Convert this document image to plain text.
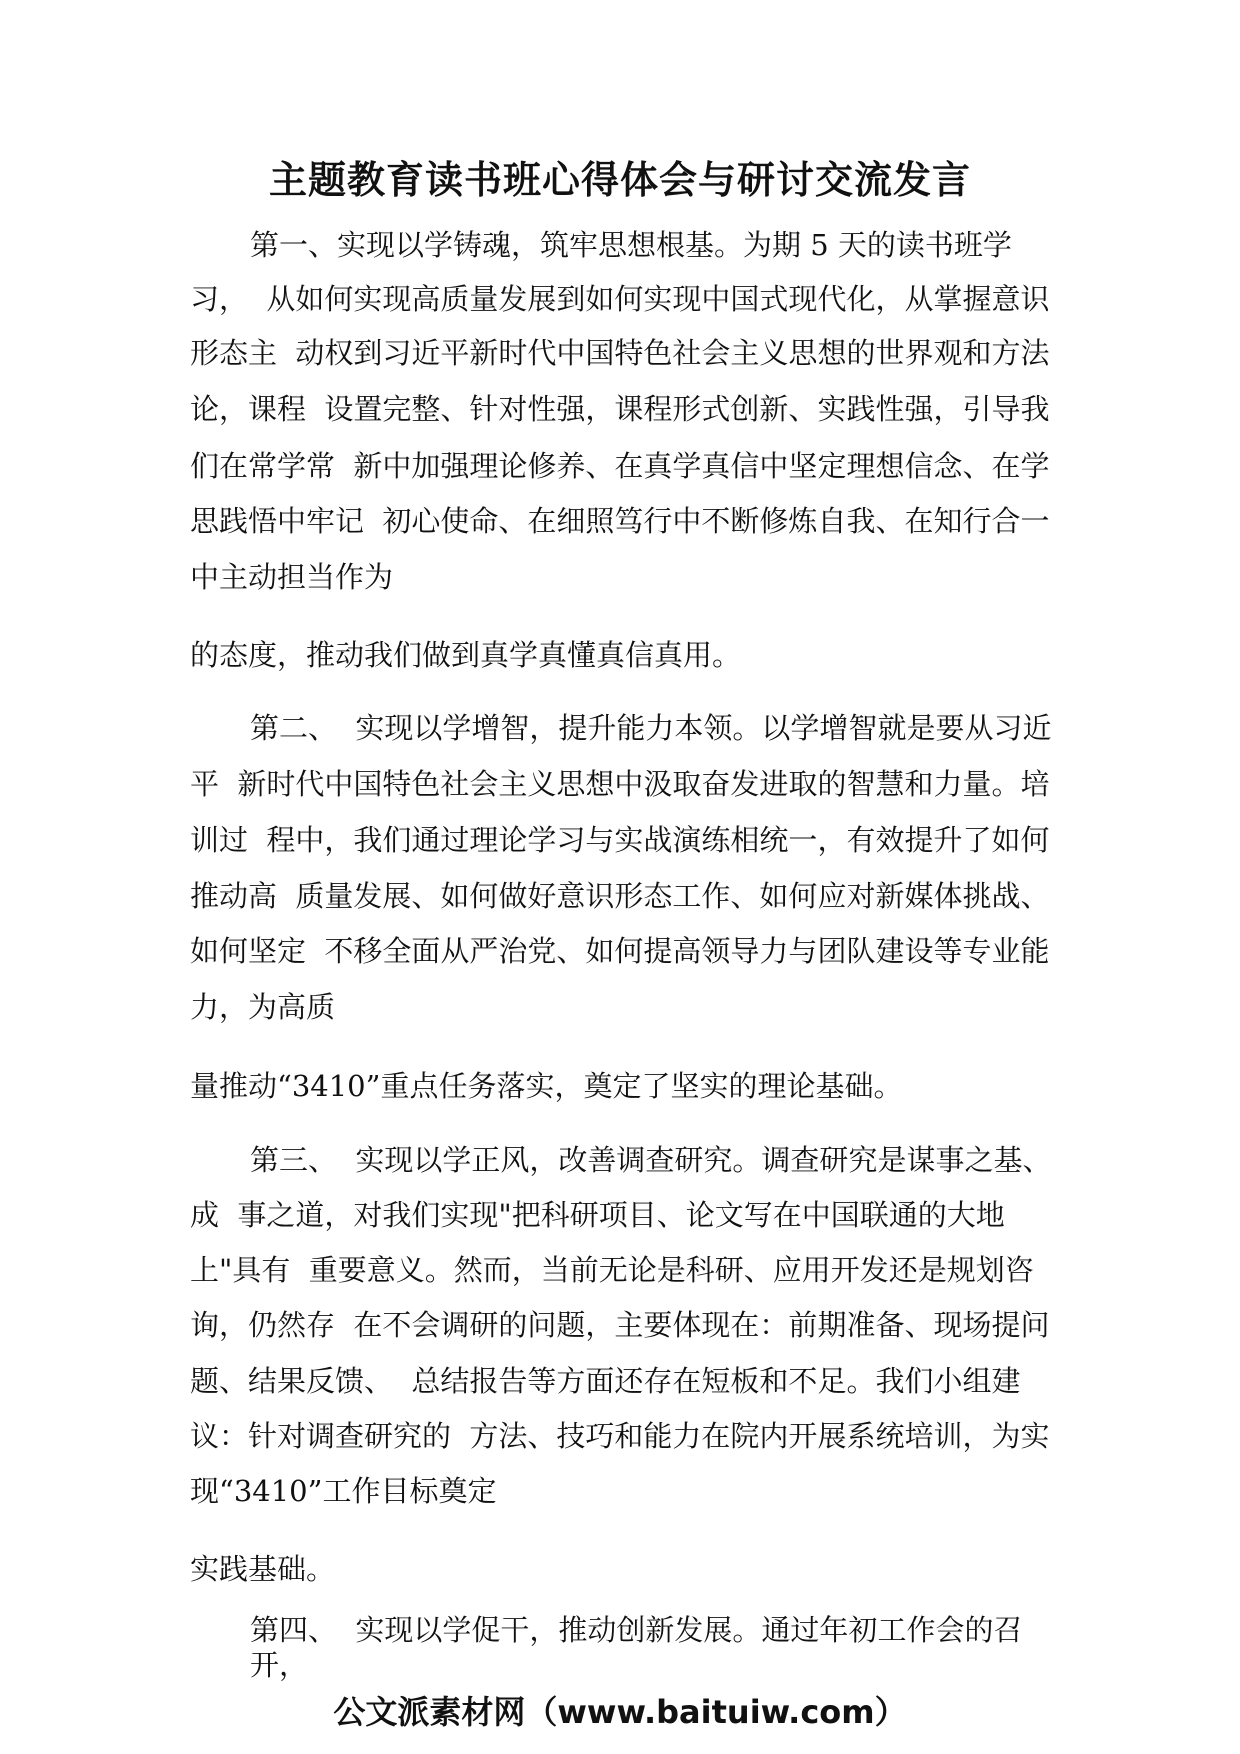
主题教育读书班心得体会与研讨交流发言
第一、实现以学铸魂，筑牢思想根基。为期 5 天的读书班学
习，  从如何实现高质量发展到如何实现中国式现代化，从掌握意识
形态主  动权到习近平新时代中国特色社会主义思想的世界观和方法
论，课程  设置完整、针对性强，课程形式创新、实践性强，引导我
们在常学常  新中加强理论修养、在真学真信中坚定理想信念、在学
思践悟中牢记  初心使命、在细照笃行中不断修炼自我、在知行合一
中主动担当作为
的态度，推动我们做到真学真懂真信真用。
第二、  实现以学增智，提升能力本领。以学增智就是要从习近
平  新时代中国特色社会主义思想中汲取奋发进取的智慧和力量。培
训过  程中，我们通过理论学习与实战演练相统一，有效提升了如何
推动高  质量发展、如何做好意识形态工作、如何应对新媒体挑战、
如何坚定  不移全面从严治党、如何提高领导力与团队建设等专业能
力，为高质
量推动“3410”重点任务落实，奠定了坚实的理论基础。
第三、  实现以学正风，改善调查研究。调查研究是谋事之基、
成  事之道，对我们实现"把科研项目、论文写在中国联通的大地
上"具有  重要意义。然而，当前无论是科研、应用开发还是规划咨
询，仍然存  在不会调研的问题，主要体现在：前期准备、现场提问
题、结果反馈、  总结报告等方面还存在短板和不足。我们小组建
议：针对调查研究的  方法、技巧和能力在院内开展系统培训，为实
现“3410”工作目标奠定
实践基础。
第四、  实现以学促干，推动创新发展。通过年初工作会的召
开，
公文派素材网（www.baituiw.com）
